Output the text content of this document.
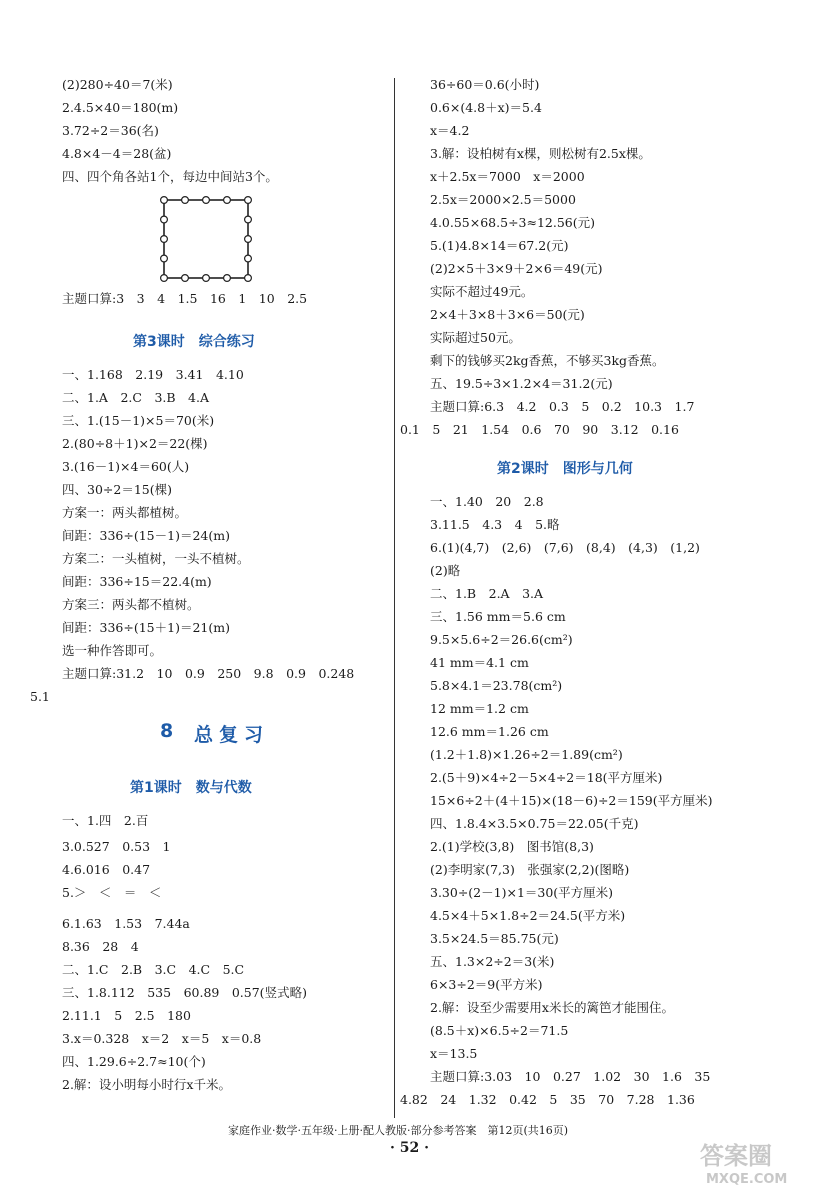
(2)280÷40＝7(米)
2.4.5×40＝180(m)
3.72÷2＝36(名)
4.8×4－4＝28(盆)
四、四个角各站1个，每边中间站3个。
主题口算:3　3　4　1.5　16　1　10　2.5
第3课时　综合练习
一、1.168　2.19　3.41　4.10
二、1.A　2.C　3.B　4.A
三、1.(15－1)×5＝70(米)
2.(80÷8＋1)×2＝22(棵)
3.(16－1)×4＝60(人)
四、30÷2＝15(棵)
方案一：两头都植树。
间距：336÷(15－1)＝24(m)
方案二：一头植树，一头不植树。
间距：336÷15＝22.4(m)
方案三：两头都不植树。
间距：336÷(15＋1)＝21(m)
选一种作答即可。
主题口算:31.2　10　0.9　250　9.8　0.9　0.248
5.1
8 总复习
第1课时　数与代数
一、1.四　2.百
3.0.527　0.53　1
4.6.016　0.47
5.＞　＜　＝　＜
6.1.63　1.53　7.44a
8.36　28　4
二、1.C　2.B　3.C　4.C　5.C
三、1.8.112　535　60.89　0.57(竖式略)
2.11.1　5　2.5　180
3.x＝0.328　x＝2　x＝5　x＝0.8
四、1.29.6÷2.7≈10(个)
2.解：设小明每小时行x千米。
36÷60＝0.6(小时)
0.6×(4.8＋x)＝5.4
x＝4.2
3.解：设柏树有x棵，则松树有2.5x棵。
x＋2.5x＝7000　x＝2000
2.5x＝2000×2.5＝5000
4.0.55×68.5÷3≈12.56(元)
5.(1)4.8×14＝67.2(元)
(2)2×5＋3×9＋2×6＝49(元)
实际不超过49元。
2×4＋3×8＋3×6＝50(元)
实际超过50元。
剩下的钱够买2kg香蕉，不够买3kg香蕉。
五、19.5÷3×1.2×4＝31.2(元)
主题口算:6.3　4.2　0.3　5　0.2　10.3　1.7
0.1　5　21　1.54　0.6　70　90　3.12　0.16
第2课时　图形与几何
一、1.40　20　2.8
3.11.5　4.3　4　5.略
6.(1)(4,7)　(2,6)　(7,6)　(8,4)　(4,3)　(1,2)
(2)略
二、1.B　2.A　3.A
三、1.56 mm＝5.6 cm
9.5×5.6÷2＝26.6(cm²)
41 mm＝4.1 cm
5.8×4.1＝23.78(cm²)
12 mm＝1.2 cm
12.6 mm＝1.26 cm
(1.2＋1.8)×1.26÷2＝1.89(cm²)
2.(5＋9)×4÷2－5×4÷2＝18(平方厘米)
15×6÷2＋(4＋15)×(18－6)÷2＝159(平方厘米)
四、1.8.4×3.5×0.75＝22.05(千克)
2.(1)学校(3,8)　图书馆(8,3)
(2)李明家(7,3)　张强家(2,2)(图略)
3.30÷(2－1)×1＝30(平方厘米)
4.5×4＋5×1.8÷2＝24.5(平方米)
3.5×24.5＝85.75(元)
五、1.3×2÷2＝3(米)
6×3÷2＝9(平方米)
2.解：设至少需要用x米长的篱笆才能围住。
(8.5＋x)×6.5÷2＝71.5
x＝13.5
主题口算:3.03　10　0.27　1.02　30　1.6　35
4.82　24　1.32　0.42　5　35　70　7.28　1.36
家庭作业·数学·五年级·上册·配人教版·部分参考答案　第12页(共16页)
· 52 ·	答案圈
MXQE.COM
